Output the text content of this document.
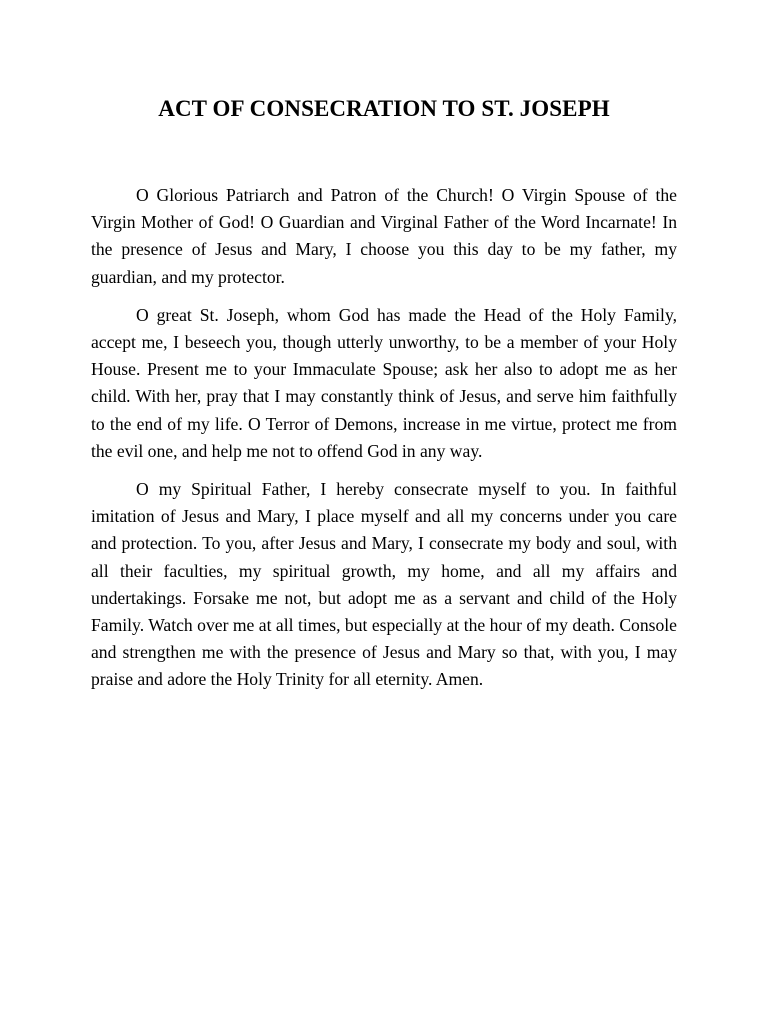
ACT OF CONSECRATION TO ST. JOSEPH

O Glorious Patriarch and Patron of the Church! O Virgin Spouse of the Virgin Mother of God! O Guardian and Virginal Father of the Word Incarnate! In the presence of Jesus and Mary, I choose you this day to be my father, my guardian, and my protector.

O great St. Joseph, whom God has made the Head of the Holy Family, accept me, I beseech you, though utterly unworthy, to be a member of your Holy House. Present me to your Immaculate Spouse; ask her also to adopt me as her child. With her, pray that I may constantly think of Jesus, and serve him faithfully to the end of my life. O Terror of Demons, increase in me virtue, protect me from the evil one, and help me not to offend God in any way.

O my Spiritual Father, I hereby consecrate myself to you. In faithful imitation of Jesus and Mary, I place myself and all my concerns under you care and protection. To you, after Jesus and Mary, I consecrate my body and soul, with all their faculties, my spiritual growth, my home, and all my affairs and undertakings. Forsake me not, but adopt me as a servant and child of the Holy Family. Watch over me at all times, but especially at the hour of my death. Console and strengthen me with the presence of Jesus and Mary so that, with you, I may praise and adore the Holy Trinity for all eternity. Amen.
